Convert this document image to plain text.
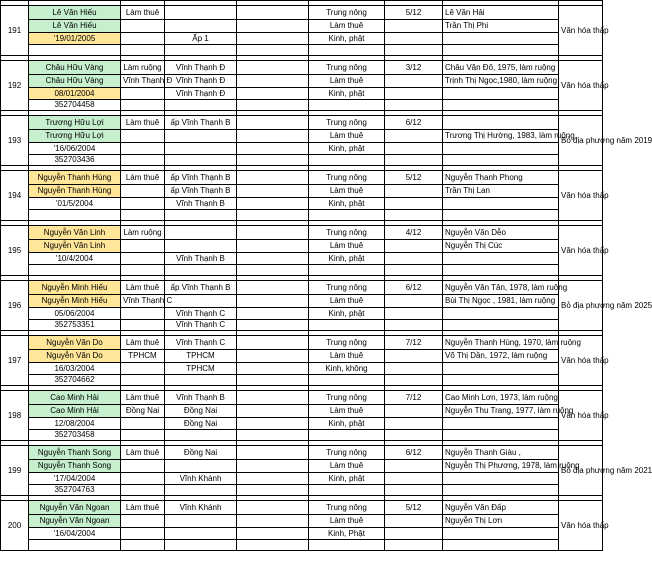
191	Lê Văn Hiếu	Làm thuê			Trung nông	5/12	Lê Văn Hải	Văn hóa thấp
	Lê Văn Hiếu				Làm thuê		Trần Thị Phi	
	'19/01/2005		Ấp 1		Kinh, phật			

192	Châu Hữu Vàng	Làm ruộng	Vĩnh Thạnh Đ		Trung nông	3/12	Châu Văn Đô, 1975, làm ruộng	Văn hóa thấp
	Châu Hữu Vàng	Vĩnh Thạnh Đ	Vĩnh Thạnh Đ		Làm thuê		Trịnh Thị Ngọc,1980, làm ruộng	
	08/01/2004		Vĩnh Thạnh Đ		Kinh, phật			
	352704458							

193	Trương Hữu Lợi	Làm thuê	ấp Vĩnh Thạnh B		Trung nông	6/12		Bỏ địa phương năm 2019
	Trương Hữu Lợi				Làm thuê		Trương Thị Hường, 1983, làm ruộng	
	'16/06/2004				Kinh, phật			
	352703436							

194	Nguyễn Thanh Hùng	Làm thuê	ấp Vĩnh Thạnh B		Trung nông	5/12	Nguyễn Thanh Phong	Văn hóa thấp
	Nguyễn Thanh Hùng		ấp Vĩnh Thạnh B		Làm thuê		Trần Thị Lan	
	'01/5/2004		Vĩnh Thạnh B		Kinh, phật			

195	Nguyễn Văn Linh	Làm ruộng			Trung nông	4/12	Nguyễn Văn Dễo	Văn hóa thấp
	Nguyễn Văn Linh				Làm thuê		Nguyễn Thị Cúc	
	'10/4/2004		Vĩnh Thạnh B		Kinh, phật			

196	Nguyễn Minh Hiếu	Làm thuê	ấp Vĩnh Thạnh B		Trung nông	6/12	Nguyễn Văn Tân, 1978, làm ruộng	Bỏ địa phương năm 2025
	Nguyễn Minh Hiếu	Vĩnh Thạnh C			Làm thuê		Bùi Thị Ngọc , 1981, làm ruộng	
	05/06/2004		Vĩnh Thạnh C		Kinh, phật			
	352753351		Vĩnh Thạnh C					

197	Nguyễn Văn Do	Làm thuê	Vĩnh Thạnh C		Trung nông	7/12	Nguyễn Thanh Hùng, 1970, làm ruộng	Văn hóa thấp
	Nguyễn Văn Do	TPHCM	TPHCM		Làm thuê		Võ Thị Dần, 1972, làm ruộng	
	16/03/2004		TPHCM		Kinh, không			
	352704662							

198	Cao Minh Hải	Làm thuê	Vĩnh Thạnh B		Trung nông	7/12	Cao Minh Lơn, 1973, làm ruộng	Văn hóa thấp
	Cao Minh Hải	Đồng Nai	Đồng Nai		Làm thuê		Nguyễn Thu Trang, 1977, làm ruộng	
	12/08/2004		Đồng Nai		Kinh, phật			
	352703458							

199	Nguyễn Thanh Song	Làm thuê	Đồng Nai		Trung nông	6/12	Nguyễn Thanh Giàu ,	Bỏ địa phương năm 2021
	Nguyễn Thanh Song				Làm thuê		Nguyễn Thị Phương, 1978, làm ruộng	
	'17/04/2004		Vĩnh Khánh		Kinh, phật			
	352704763							

200	Nguyễn Văn Ngoan	Làm thuê	Vĩnh Khánh		Trung nông	5/12	Nguyễn Văn Đấp	Văn hóa thấp
	Nguyễn Văn Ngoan				Làm thuê		Nguyễn Thị Lơn	
	'16/04/2004				Kinh, Phật			
